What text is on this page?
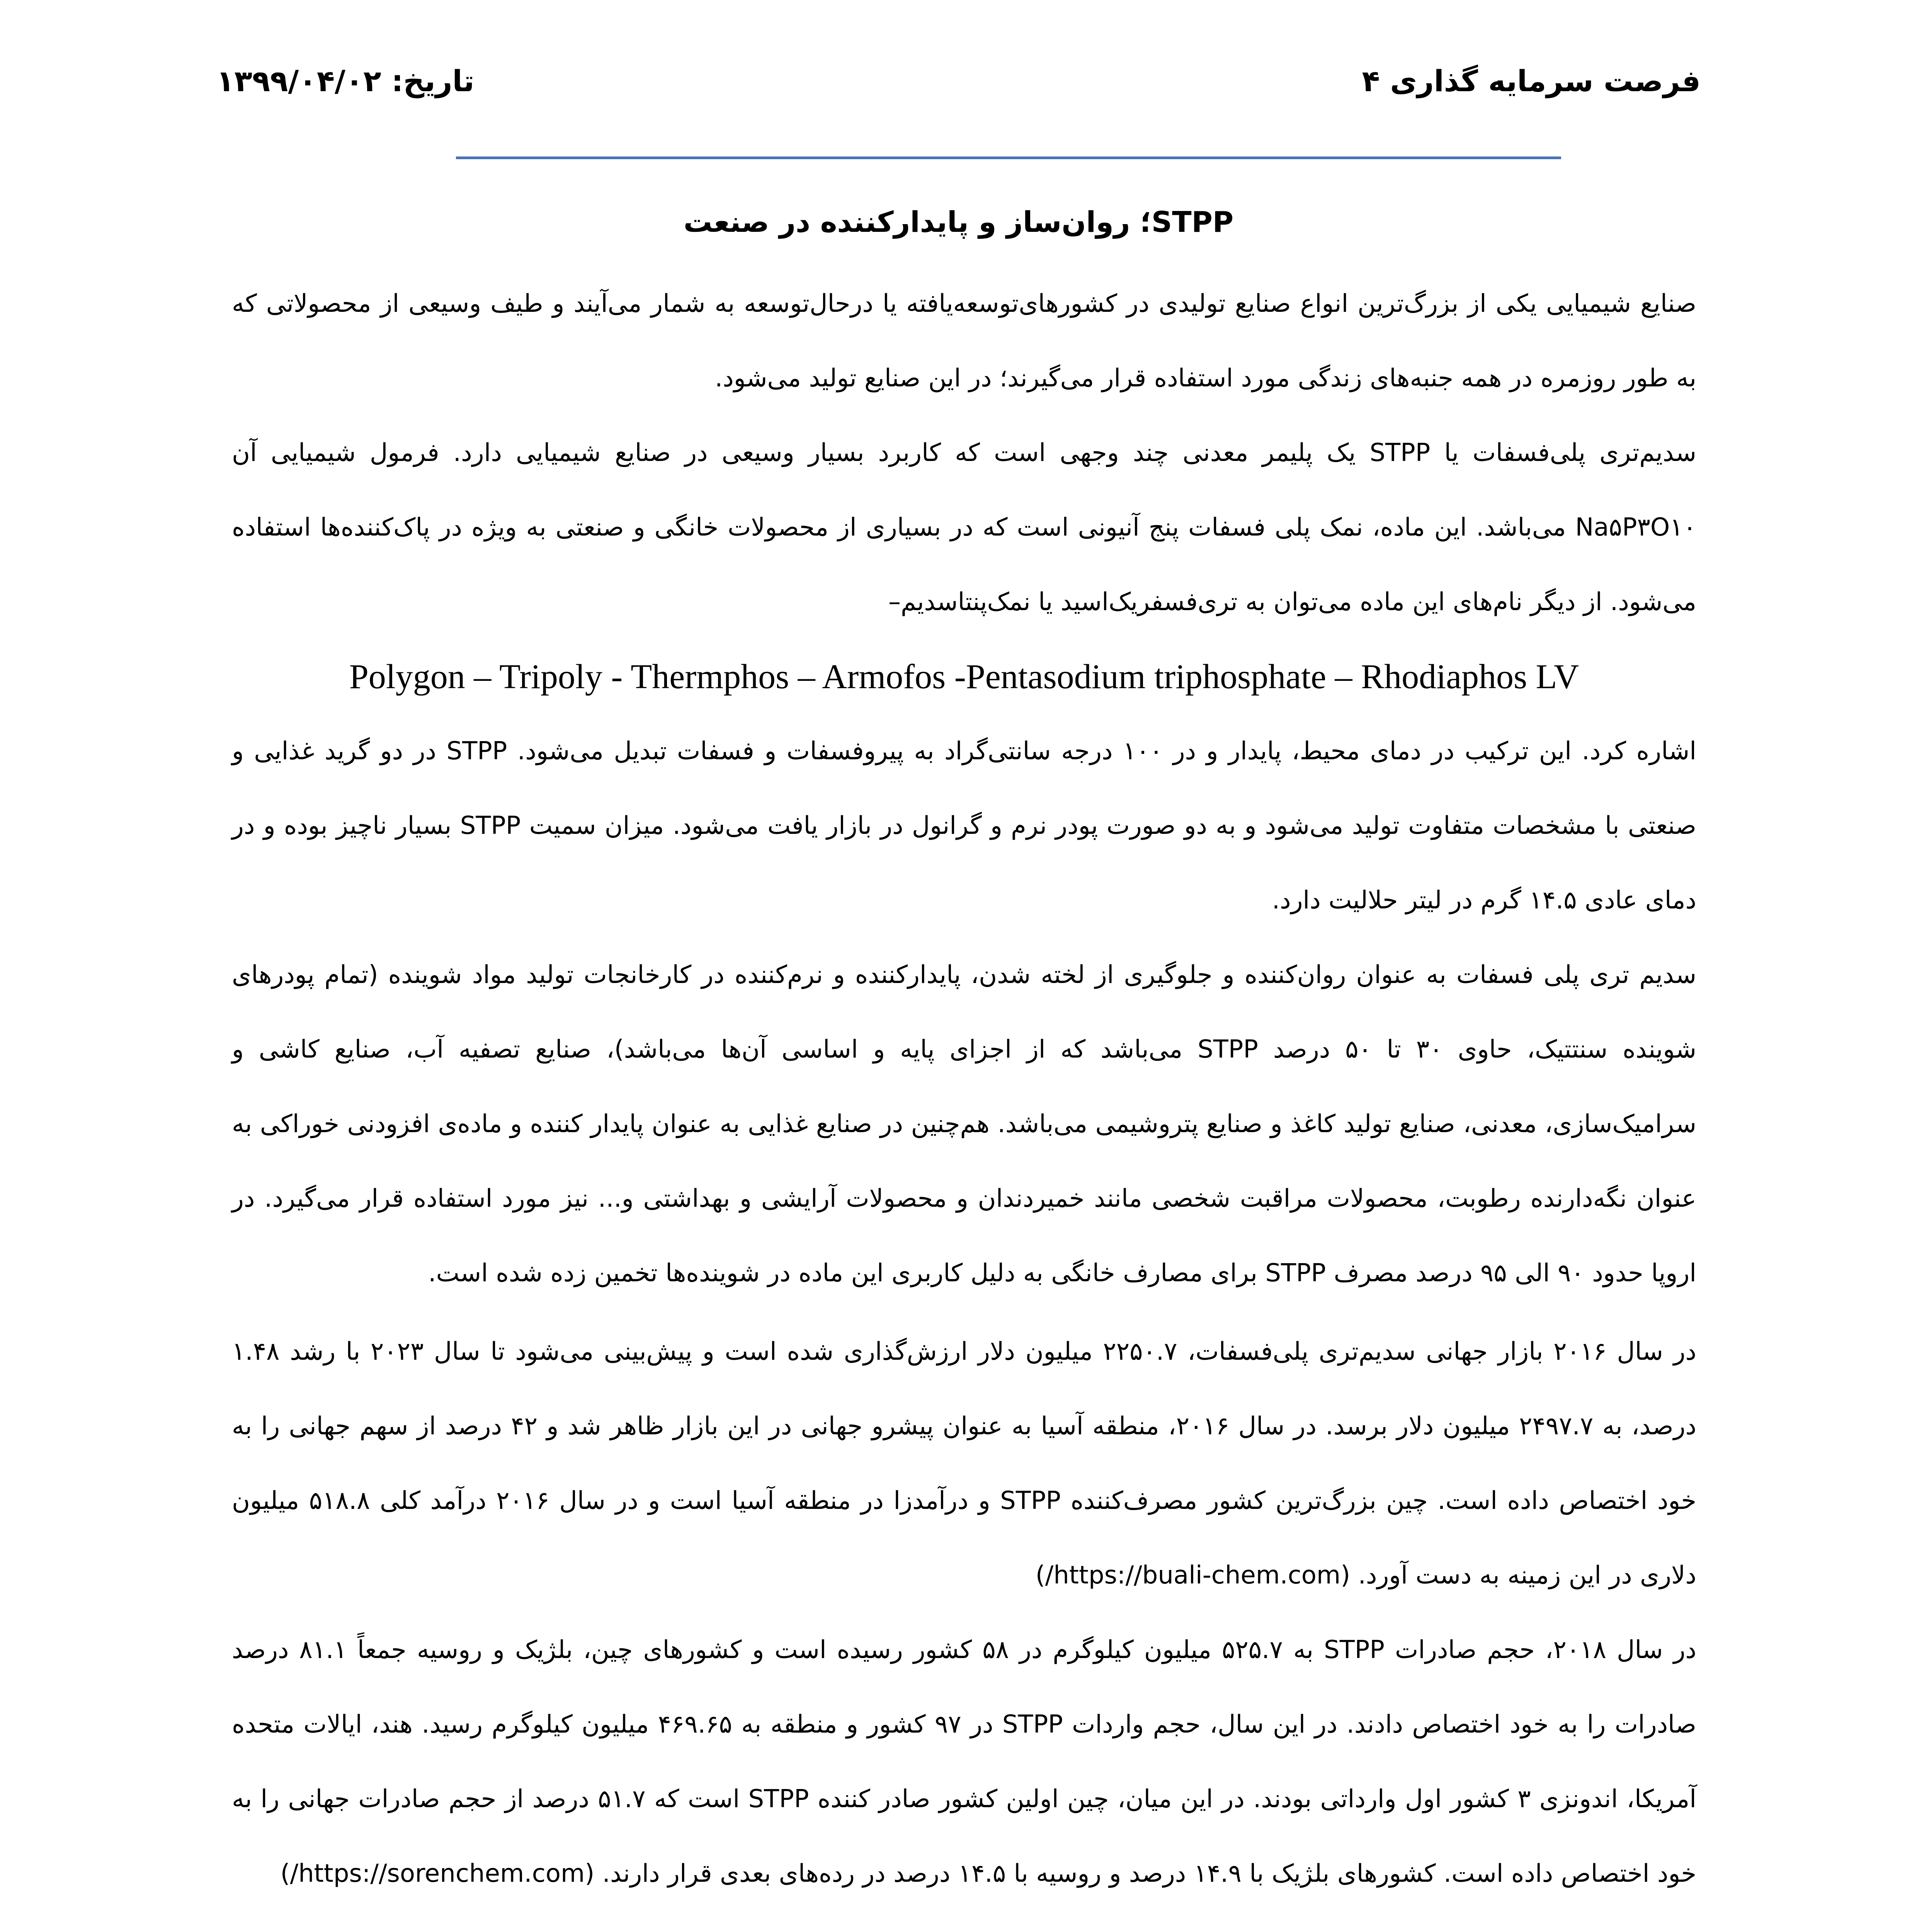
فرصت سرمایه گذاری ۴
تاریخ: ۱۳۹۹/۰۴/۰۲
STPP؛ روان‌ساز و پایدارکننده در صنعت

صنایع شیمیایی یکی از بزرگ‌ترین انواع صنایع تولیدی در کشورهای‌توسعه‌یافته یا درحال‌توسعه به شمار می‌آیند و طیف وسیعی از محصولاتی که به طور روزمره در همه جنبه‌های زندگی مورد استفاده قرار می‌گیرند؛ در این صنایع تولید می‌شود.

سدیم‌تری پلی‌فسفات یا STPP یک پلیمر معدنی چند وجهی است که کاربرد بسیار وسیعی در صنایع شیمیایی دارد. فرمول شیمیایی آن Na۵P۳O۱۰ می‌باشد. این ماده، نمک پلی فسفات پنج آنیونی است که در بسیاری از محصولات خانگی و صنعتی به ویژه در پاک‌کننده‌ها استفاده می‌شود. از دیگر نام‌های این ماده می‌توان به تری‌فسفریک‌اسید یا نمک‌پنتاسدیم–

Polygon – Tripoly - Thermphos – Armofos -Pentasodium triphosphate – Rhodiaphos LV

اشاره کرد. این ترکیب در دمای محیط، پایدار و در ۱۰۰ درجه سانتی‌گراد به پیروفسفات و فسفات تبدیل می‌شود. STPP در دو گرید غذایی و صنعتی با مشخصات متفاوت تولید می‌شود و به دو صورت پودر نرم و گرانول در بازار یافت می‌شود. میزان سمیت STPP بسیار ناچیز بوده و در دمای عادی ۱۴.۵ گرم در لیتر حلالیت دارد.

سدیم تری پلی فسفات به عنوان روان‌کننده و جلوگیری از لخته شدن، پایدارکننده و نرم‌کننده در کارخانجات تولید مواد شوینده (تمام پودرهای شوینده سنتتیک، حاوی ۳۰ تا ۵۰ درصد STPP می‌باشد که از اجزای پایه و اساسی آن‌ها می‌باشد)، صنایع تصفیه آب، صنایع کاشی و سرامیک‌سازی، معدنی، صنایع تولید کاغذ و صنایع پتروشیمی می‌باشد. هم‌چنین در صنایع غذایی به عنوان پایدار کننده و ماده‌ی افزودنی خوراکی به عنوان نگه‌دارنده رطوبت، محصولات مراقبت شخصی مانند خمیردندان و محصولات آرایشی و بهداشتی و... نیز مورد استفاده قرار می‌گیرد. در اروپا حدود ۹۰ الی ۹۵ درصد مصرف STPP برای مصارف خانگی به دلیل کاربری این ماده در شوینده‌ها تخمین زده شده است.

در سال ۲۰۱۶ بازار جهانی سدیم‌تری پلی‌فسفات، ۲۲۵۰.۷ میلیون دلار ارزش‌گذاری شده است و پیش‌بینی می‌شود تا سال ۲۰۲۳ با رشد ۱.۴۸ درصد، به ۲۴۹۷.۷ میلیون دلار برسد. در سال ۲۰۱۶، منطقه آسیا به عنوان پیشرو جهانی در این بازار ظاهر شد و ۴۲ درصد از سهم جهانی را به خود اختصاص داده است. چین بزرگ‌ترین کشور مصرف‌کننده STPP و درآمدزا در منطقه آسیا است و در سال ۲۰۱۶ درآمد کلی ۵۱۸.۸ میلیون دلاری در این زمینه به دست آورد. (https://buali-chem.com/)

در سال ۲۰۱۸، حجم صادرات STPP به ۵۲۵.۷ میلیون کیلوگرم در ۵۸ کشور رسیده است و کشورهای چین، بلژیک و روسیه جمعاً ۸۱.۱ درصد صادرات را به خود اختصاص دادند. در این سال، حجم واردات STPP در ۹۷ کشور و منطقه به ۴۶۹.۶۵ میلیون کیلوگرم رسید. هند، ایالات متحده آمریکا، اندونزی ۳ کشور اول وارداتی بودند. در این میان، چین اولین کشور صادر کننده STPP است که ۵۱.۷ درصد از حجم صادرات جهانی را به خود اختصاص داده است. کشورهای بلژیک با ۱۴.۹ درصد و روسیه با ۱۴.۵ درصد در رده‌های بعدی قرار دارند. (https://sorenchem.com/)
